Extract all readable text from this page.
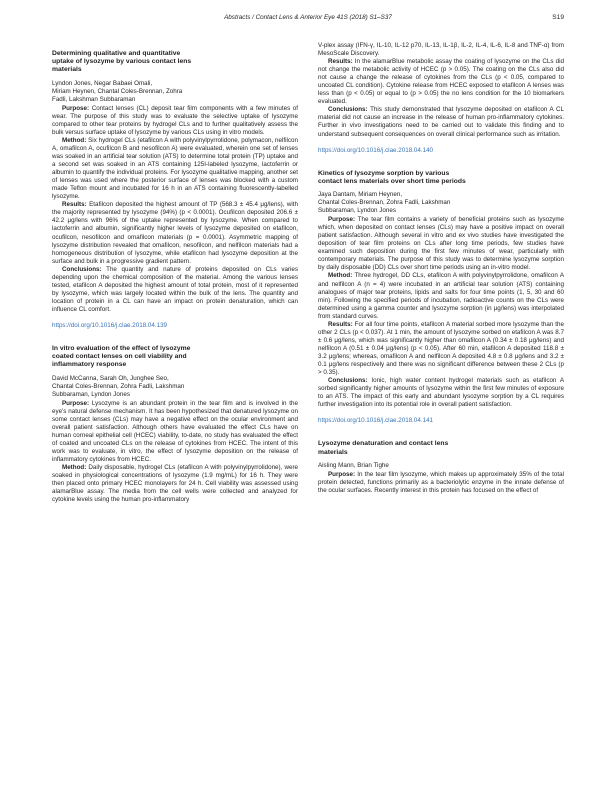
Abstracts / Contact Lens & Anterior Eye 41S (2018) S1–S37	S19
Determining qualitative and quantitative
uptake of lysozyme by various contact lens
materials
Lyndon Jones, Negar Babaei Omali,
Miriam Heynen, Chantal Coles-Brennan, Zohra
Fadli, Lakshman Subbaraman

Purpose: Contact lenses (CL) deposit tear film components with a few minutes of wear. The purpose of this study was to evaluate the selective uptake of lysozyme compared to other tear proteins by hydrogel CLs and to further qualitatively assess the bulk versus surface uptake of lysozyme by various CLs using in vitro models.

Method: Six hydrogel CLs (etafilcon A with polyvinylpyrrolidone, polymacon, nelfilcon A, omafilcon A, ocufilcon B and nesofilcon A) were evaluated, wherein one set of lenses was soaked in an artificial tear solution (ATS) to determine total protein (TP) uptake and a second set was soaked in an ATS containing 125I-labeled lysozyme, lactoferrin or albumin to quantify the individual proteins. For lysozyme qualitative mapping, another set of lenses was used where the posterior surface of lenses was blocked with a custom made Teflon mount and incubated for 16 h in an ATS containing fluorescently-labelled lysozyme.

Results: Etafilcon deposited the highest amount of TP (568.3 ± 45.4 μg/lens), with the majority represented by lysozyme (94%) (p < 0.0001). Ocufilcon deposited 206.6 ± 42.2 μg/lens with 96% of the uptake represented by lysozyme. When compared to lactoferrin and albumin, significantly higher levels of lysozyme deposited on etafilcon, ocufilcon, nesofilcon and omafilcon materials (p = 0.0001). Asymmetric mapping of lysozyme distribution revealed that omafilcon, nesofilcon, and nelfilcon materials had a homogeneous distribution of lysozyme, while etafilcon had lysozyme deposition at the surface and bulk in a progressive gradient pattern.

Conclusions: The quantity and nature of proteins deposited on CLs varies depending upon the chemical composition of the material. Among the various lenses tested, etafilcon A deposited the highest amount of total protein, most of it represented by lysozyme, which was largely located within the bulk of the lens. The quantity and location of protein in a CL can have an impact on protein denaturation, which can influence CL comfort.

https://doi.org/10.1016/j.clae.2018.04.139

In vitro evaluation of the effect of lysozyme
coated contact lenses on cell viability and
inflammatory response
David McCanna, Sarah Oh, Junghee Seo,
Chantal Coles-Brennan, Zohra Fadli, Lakshman
Subbaraman, Lyndon Jones

Purpose: Lysozyme is an abundant protein in the tear film and is involved in the eye's natural defense mechanism. It has been hypothesized that denatured lysozyme on some contact lenses (CLs) may have a negative effect on the ocular environment and overall patient satisfaction. Although others have evaluated the effect CLs have on human corneal epithelial cell (HCEC) viability, to-date, no study has evaluated the effect of coated and uncoated CLs on the release of cytokines from HCEC. The intent of this work was to evaluate, in vitro, the effect of lysozyme deposition on the release of inflammatory cytokines from HCEC.

Method: Daily disposable, hydrogel CLs (etafilcon A with polyvinylpyrrolidone), were soaked in physiological concentrations of lysozyme (1.9 mg/mL) for 16 h. They were then placed onto primary HCEC monolayers for 24 h. Cell viability was assessed using alamarBlue assay. The media from the cell wells were collected and analyzed for cytokine levels using the human pro-inflammatory

V-plex assay (IFN-γ, IL-10, IL-12 p70, IL-13, IL-1β, IL-2, IL-4, IL-6, IL-8 and TNF-α) from MesoScale Discovery.

Results: In the alamarBlue metabolic assay the coating of lysozyme on the CLs did not change the metabolic activity of HCEC (p > 0.05). The coating on the CLs also did not cause a change the release of cytokines from the CLs (p < 0.05, compared to uncoated CL condition). Cytokine release from HCEC exposed to etafilcon A lenses was less than (p < 0.05) or equal to (p > 0.05) the no lens condition for the 10 biomarkers evaluated.

Conclusions: This study demonstrated that lysozyme deposited on etafilcon A CL material did not cause an increase in the release of human pro-inflammatory cytokines. Further in vivo investigations need to be carried out to validate this finding and to understand subsequent consequences on overall clinical performance such as irritation.

https://doi.org/10.1016/j.clae.2018.04.140

Kinetics of lysozyme sorption by various
contact lens materials over short time periods
Jaya Dantam, Miriam Heynen,
Chantal Coles-Brennan, Zohra Fadli, Lakshman
Subbaraman, Lyndon Jones

Purpose: The tear film contains a variety of beneficial proteins such as lysozyme which, when deposited on contact lenses (CLs) may have a positive impact on overall patient satisfaction. Although several in vitro and ex vivo studies have investigated the deposition of tear film proteins on CLs after long time periods, few studies have examined such deposition during the first few minutes of wear, particularly with contemporary materials. The purpose of this study was to determine lysozyme sorption by daily disposable (DD) CLs over short time periods using an in-vitro model.

Method: Three hydrogel, DD CLs, etafilcon A with polyvinylpyrrolidone, omafilcon A and nelfilcon A (n = 4) were incubated in an artificial tear solution (ATS) containing analogues of major tear proteins, lipids and salts for four time points (1, 5, 30 and 60 min). Following the specified periods of incubation, radioactive counts on the CLs were determined using a gamma counter and lysozyme sorption (in μg/lens) was interpolated from standard curves.

Results: For all four time points, etafilcon A material sorbed more lysozyme than the other 2 CLs (p < 0.037). At 1 min, the amount of lysozyme sorbed on etafilcon A was 8.7 ± 0.6 μg/lens, which was significantly higher than omafilcon A (0.34 ± 0.18 μg/lens) and nelfilcon A (0.51 ± 0.04 μg/lens) (p < 0.05). After 60 min, etafilcon A deposited 118.8 ± 3.2 μg/lens; whereas, omafilcon A and nelfilcon A deposited 4.8 ± 0.8 μg/lens and 3.2 ± 0.1 μg/lens respectively and there was no significant difference between these 2 CLs (p > 0.35).

Conclusions: Ionic, high water content hydrogel materials such as etafilcon A sorbed significantly higher amounts of lysozyme within the first few minutes of exposure to an ATS. The impact of this early and abundant lysozyme sorption by a CL requires further investigation into its potential role in overall patient satisfaction.

https://doi.org/10.1016/j.clae.2018.04.141

Lysozyme denaturation and contact lens
materials
Aisling Mann, Brian Tighe

Purpose: In the tear film lysozyme, which makes up approximately 35% of the total protein detected, functions primarily as a bacteriolytic enzyme in the innate defense of the ocular surfaces. Recently interest in this protein has focused on the effect of
